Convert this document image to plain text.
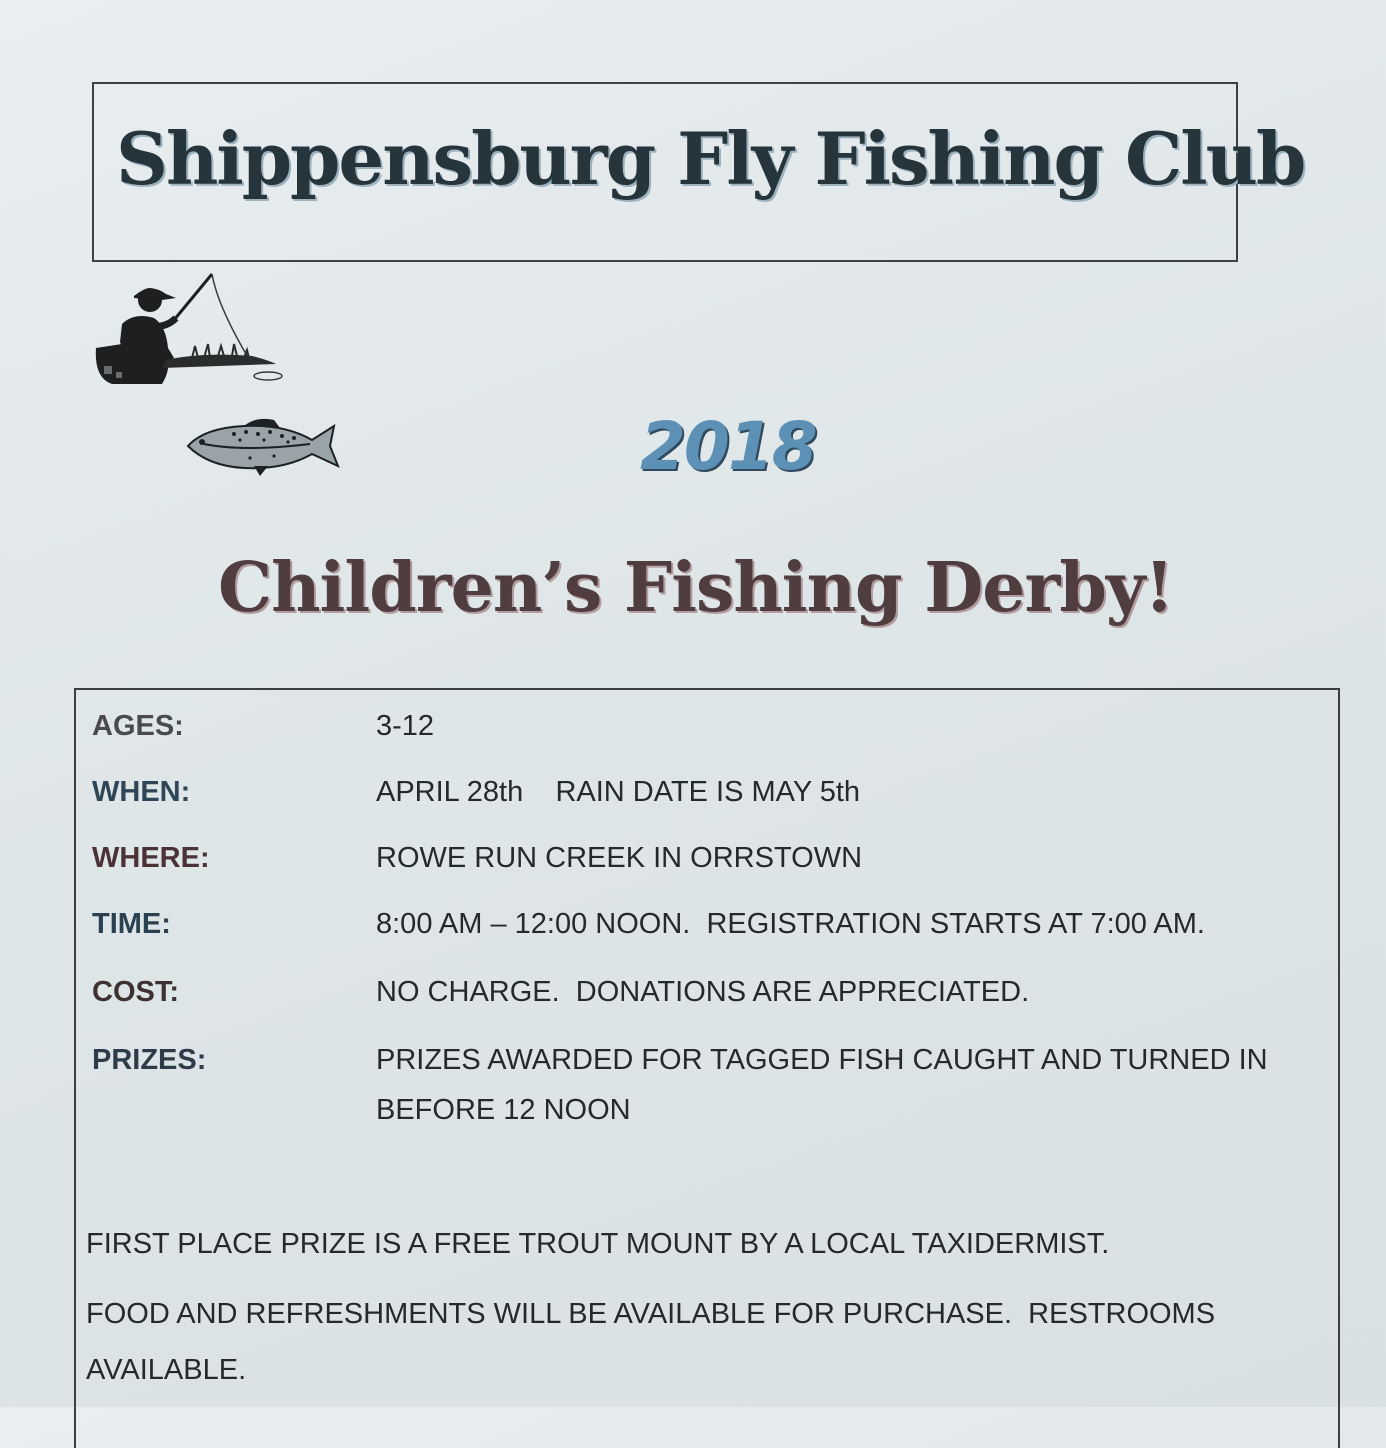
Shippensburg Fly Fishing Club
2018
Children’s Fishing Derby!
AGES:	3-12
WHEN:	APRIL 28th    RAIN DATE IS MAY 5th
WHERE:	ROWE RUN CREEK IN ORRSTOWN
TIME:	8:00 AM – 12:00 NOON.  REGISTRATION STARTS AT 7:00 AM.
COST:	NO CHARGE.  DONATIONS ARE APPRECIATED.
PRIZES:	PRIZES AWARDED FOR TAGGED FISH CAUGHT AND TURNED IN
BEFORE 12 NOON
FIRST PLACE PRIZE IS A FREE TROUT MOUNT BY A LOCAL TAXIDERMIST.
FOOD AND REFRESHMENTS WILL BE AVAILABLE FOR PURCHASE.  RESTROOMS
AVAILABLE.
